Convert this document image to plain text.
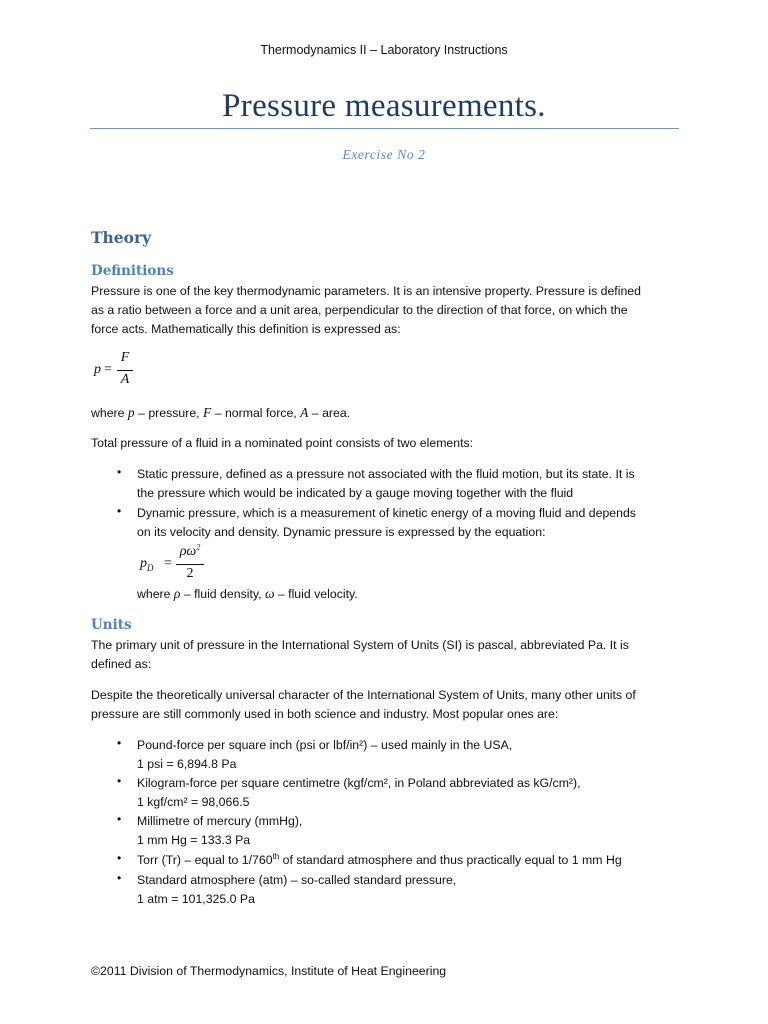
Thermodynamics II – Laboratory Instructions
Pressure measurements.
Exercise No 2
Theory
Definitions
Pressure is one of the key thermodynamic parameters. It is an intensive property. Pressure is defined
as a ratio between a force and a unit area, perpendicular to the direction of that force, on which the
force acts. Mathematically this definition is expressed as:
p =
F
A
where p – pressure, F – normal force, A – area.
Total pressure of a fluid in a nominated point consists of two elements:
• Static pressure, defined as a pressure not associated with the fluid motion, but its state. It is
the pressure which would be indicated by a gauge moving together with the fluid
• Dynamic pressure, which is a measurement of kinetic energy of a moving fluid and depends
on its velocity and density. Dynamic pressure is expressed by the equation:
$p_D$ =
$\rho\omega^2$
2
where ρ – fluid density, ω – fluid velocity.
Units
The primary unit of pressure in the International System of Units (SI) is pascal, abbreviated Pa. It is
defined as:
Despite the theoretically universal character of the International System of Units, many other units of
pressure are still commonly used in both science and industry. Most popular ones are:
• Pound-force per square inch (psi or lbf/in²) – used mainly in the USA,
1 psi = 6,894.8 Pa
• Kilogram-force per square centimetre (kgf/cm², in Poland abbreviated as kG/cm²),
1 kgf/cm² = 98,066.5
• Millimetre of mercury (mmHg),
1 mm Hg = 133.3 Pa
• Torr (Tr) – equal to 1/760th of standard atmosphere and thus practically equal to 1 mm Hg
• Standard atmosphere (atm) – so-called standard pressure,
1 atm = 101,325.0 Pa
©2011 Division of Thermodynamics, Institute of Heat Engineering
